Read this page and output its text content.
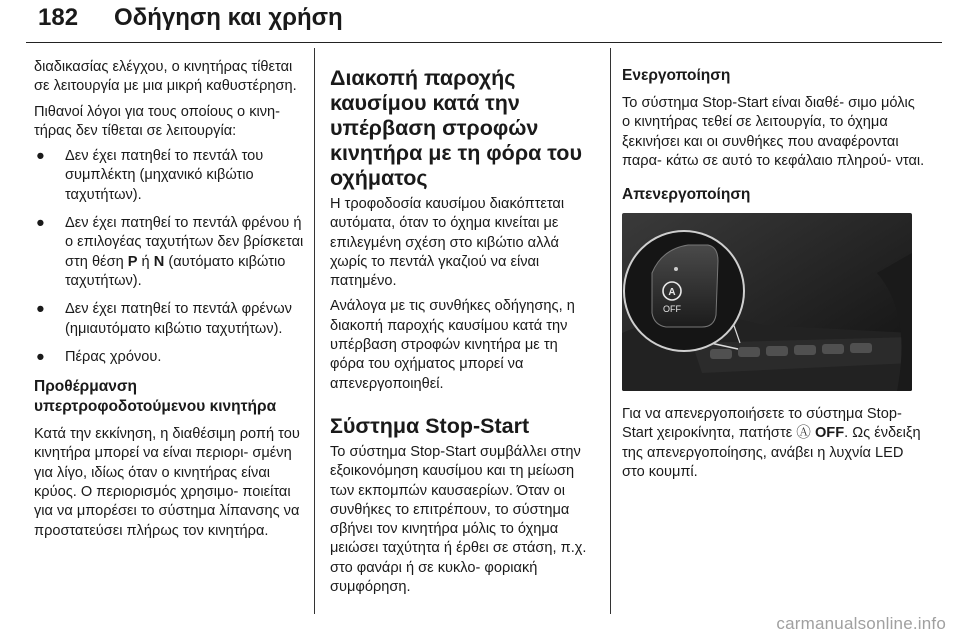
182 Οδήγηση και χρήση

διαδικασίας ελέγχου, ο κινητήρας τίθεται σε λειτουργία με μια μικρή καθυστέρηση.

Πιθανοί λόγοι για τους οποίους ο κινη‐ τήρας δεν τίθεται σε λειτουργία:

● Δεν έχει πατηθεί το πεντάλ του συμπλέκτη (μηχανικό κιβώτιο ταχυτήτων).
● Δεν έχει πατηθεί το πεντάλ φρένου ή ο επιλογέας ταχυτήτων δεν βρίσκεται στη θέση P ή N (αυτόματο κιβώτιο ταχυτήτων).
● Δεν έχει πατηθεί το πεντάλ φρένων (ημιαυτόματο κιβώτιο ταχυτήτων).
● Πέρας χρόνου.
Προθέρμανση υπερτροφοδοτούμενου κινητήρα

Κατά την εκκίνηση, η διαθέσιμη ροπή του κινητήρα μπορεί να είναι περιορι‐ σμένη για λίγο, ιδίως όταν ο κινητήρας είναι κρύος. Ο περιορισμός χρησιμο‐ ποιείται για να μπορέσει το σύστημα λίπανσης να προστατεύσει πλήρως τον κινητήρα.

Διακοπή παροχής καυσίμου κατά την υπέρβαση στροφών κινητήρα με τη φόρα του οχήματος

Η τροφοδοσία καυσίμου διακόπτεται αυτόματα, όταν το όχημα κινείται με επιλεγμένη σχέση στο κιβώτιο αλλά χωρίς το πεντάλ γκαζιού να είναι πατημένο.

Ανάλογα με τις συνθήκες οδήγησης, η διακοπή παροχής καυσίμου κατά την υπέρβαση στροφών κινητήρα με τη φόρα του οχήματος μπορεί να απενεργοποιηθεί.

Σύστημα Stop-Start

Το σύστημα Stop-Start συμβάλλει στην εξοικονόμηση καυσίμου και τη μείωση των εκπομπών καυσαερίων. Όταν οι συνθήκες το επιτρέπουν, το σύστημα σβήνει τον κινητήρα μόλις το όχημα μειώσει ταχύτητα ή έρθει σε στάση, π.χ. στο φανάρι ή σε κυκλο‐ φοριακή συμφόρηση.

Ενεργοποίηση

Το σύστημα Stop-Start είναι διαθέ‐ σιμο μόλις ο κινητήρας τεθεί σε λειτουργία, το όχημα ξεκινήσει και οι συνθήκες που αναφέρονται παρα‐ κάτω σε αυτό το κεφάλαιο πληρού‐ νται.

Απενεργοποίηση
A
OFF

Για να απενεργοποιήσετε το σύστημα Stop-Start χειροκίνητα, πατήστε Ⓐ OFF. Ως ένδειξη της απενεργοποίησης, ανάβει η λυχνία LED στο κουμπί.

carmanualsonline.info
